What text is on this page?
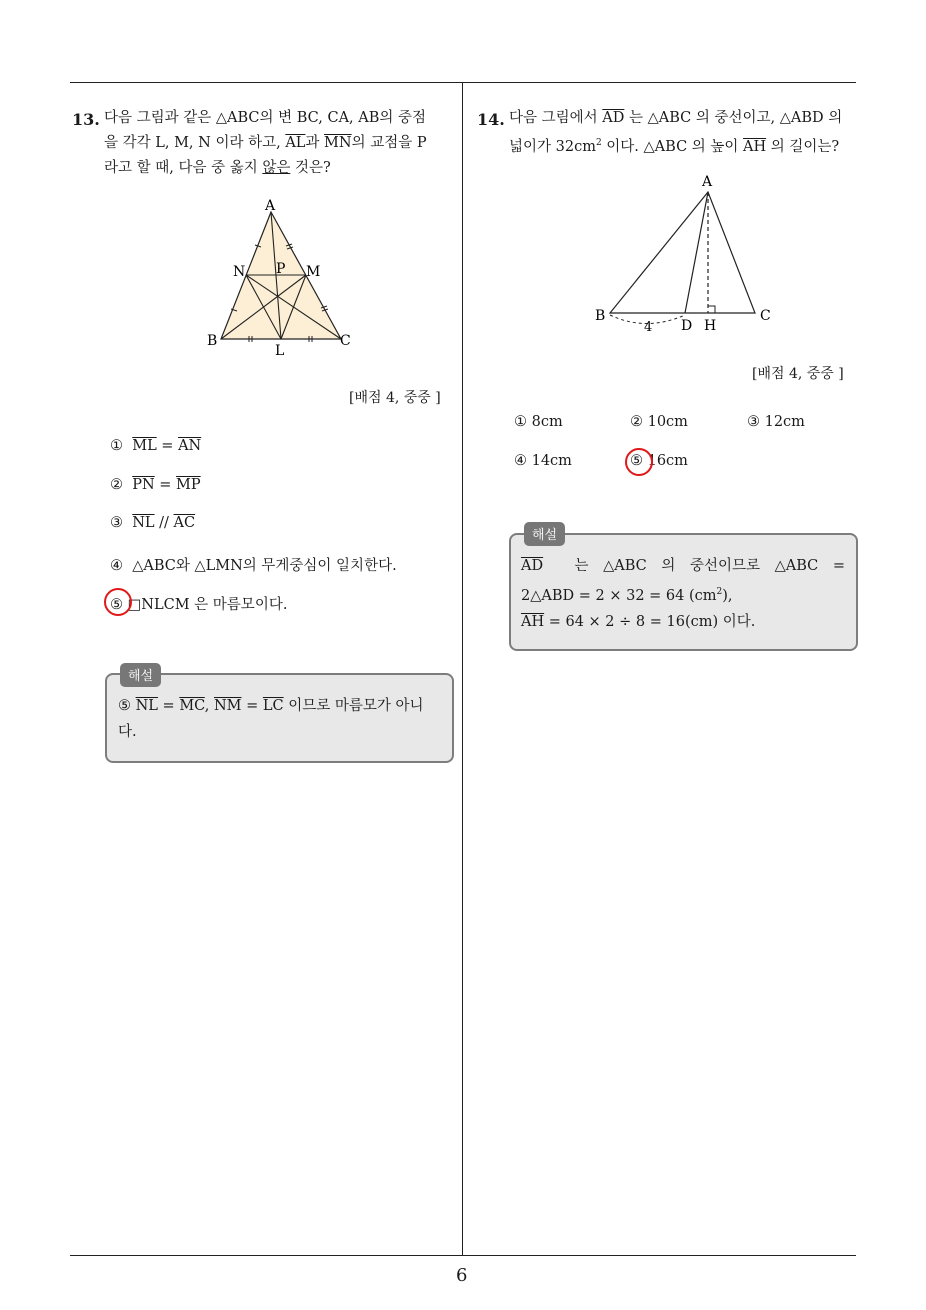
13. 다음 그림과 같은 △ABC의 변 BC, CA, AB의 중점
을 각각 L, M, N 이라 하고, $\overline{AL}$과 $\overline{MN}$의 교점을 P
라고 할 때, 다음 중 옳지 않은 것은?
A
B	C
L
M
N P
[배점 4, 중중 ]
① $\overline{ML} = \overline{AN}$
② $\overline{PN} = \overline{MP}$
③ $\overline{NL} // \overline{AC}$
④ △ABC와 △LMN의 무게중심이 일치한다.
⑤ □NLCM 은 마름모이다.
해설
⑤ $\overline{NL} = \overline{MC}$, $\overline{NM} = \overline{LC}$ 이므로 마름모가 아니
다.
14. 다음 그림에서 $\overline{AD}$ 는 △ABC 의 중선이고, △ABD 의
넓이가 $32cm^2$ 이다. △ABC 의 높이 $\overline{AH}$ 의 길이는?
A
B	C
D H
4
[배점 4, 중중 ]
① 8cm	② 10cm	③ 12cm
④ 14cm	⑤ 16cm
해설
$\overline{AD}$ 는 △ABC 의 중선이므로 △ABC =
2△ABD = 2 × 32 = 64 $(cm^2)$,
$\overline{AH} = 64 \times 2 \div 8 = 16(cm)$ 이다.
6
